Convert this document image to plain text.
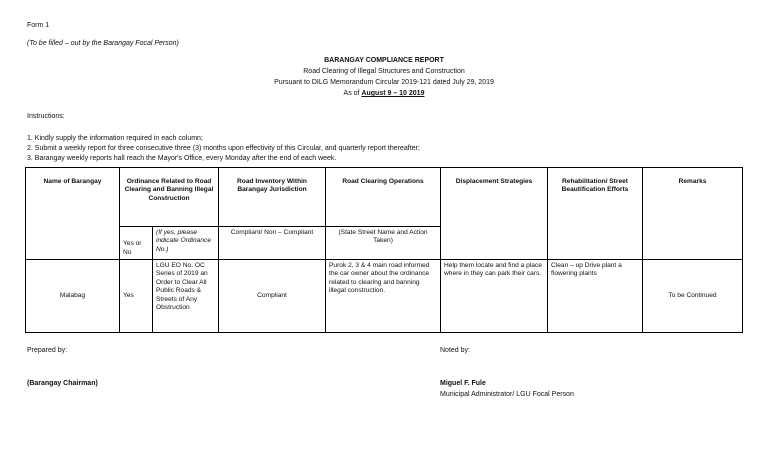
Form 1
(To be filled – out by the Barangay Focal Person)
BARANGAY COMPLIANCE REPORT
Road Clearing of Illegal Structures and Construction
Pursuant to DILG Memorandum Circular 2019-121 dated July 29, 2019
As of August 9 – 10 2019
Instructions:
1. Kindly supply the information required in each column;
2. Submit a weekly report for three consecutive three (3) months upon effectivity of this Circular, and quarterly report thereafter;
3. Barangay weekly reports hall reach the Mayor's Office, every Monday after the end of each week.
Name of Barangay	Ordinance Related to Road Clearing and Banning Illegal Construction		Road Inventory Within Barangay Jurisdiction	Road Clearing Operations	Displacement Strategies	Rehabilitation/ Street Beautification Efforts	Remarks
	Yes or No	(If yes, please indicate Ordinance No.)	Compliant/ Non – Compliant	(State Street Name and Action Taken)			
Malabag	Yes	LGU EO No. OC Series of 2019 an Order to Clear All Public Roads & Streets of Any Obstruction	Compliant	Purok 2, 3 & 4 main road informed the car owner about the ordinance related to clearing and banning illegal construction.	Help them locate and find a place where in they can park their cars.	Clean – up Drive plant a flowering plants	To be Continued
Prepared by:	Noted by:
(Barangay Chairman)	Miguel F. Fule
Municipal Administrator/ LGU Focal Person
